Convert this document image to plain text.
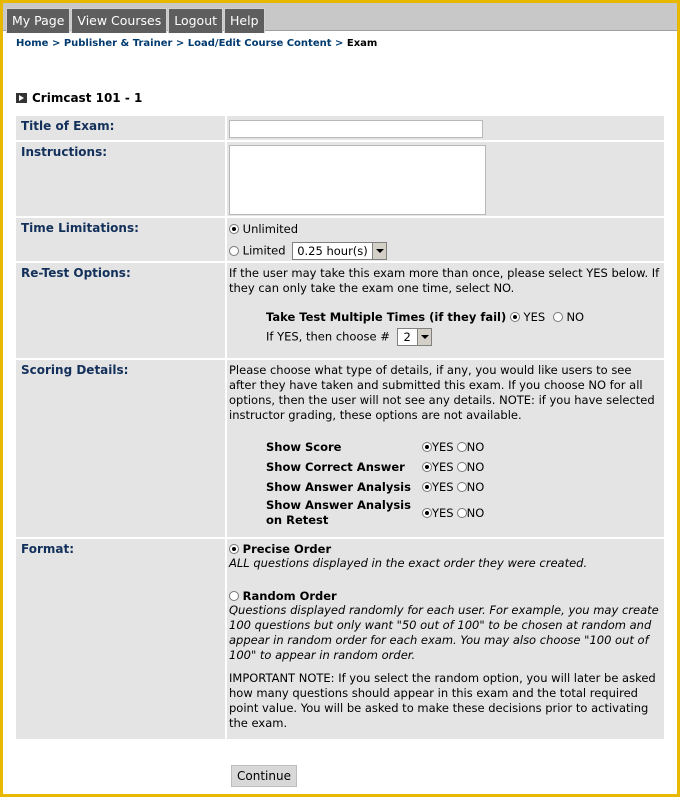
My Page	View Courses	Logout	Help
Home > Publisher & Trainer > Load/Edit Course Content > Exam
Crimcast 101 - 1
Title of Exam:
Instructions:
Time Limitations:	Unlimited
Limited	0.25 hour(s)
Re-Test Options:	If the user may take this exam more than once, please select YES below. If they can only take the exam one time, select NO.

Take Test Multiple Times (if they fail) YES NO
If YES, then choose #	2
Scoring Details:	Please choose what type of details, if any, you would like users to see after they have taken and submitted this exam. If you choose NO for all options, then the user will not see any details. NOTE: if you have selected instructor grading, these options are not available.

Show Score	YES NO
Show Correct Answer	YES NO
Show Answer Analysis	YES NO
Show Answer Analysis on Retest	YES NO
Format:	Precise Order

ALL questions displayed in the exact order they were created.

Random Order

Questions displayed randomly for each user. For example, you may create 100 questions but only want "50 out of 100" to be chosen at random and appear in random order for each exam. You may also choose "100 out of 100" to appear in random order.

IMPORTANT NOTE: If you select the random option, you will later be asked how many questions should appear in this exam and the total required point value. You will be asked to make these decisions prior to activating the exam.

Continue
